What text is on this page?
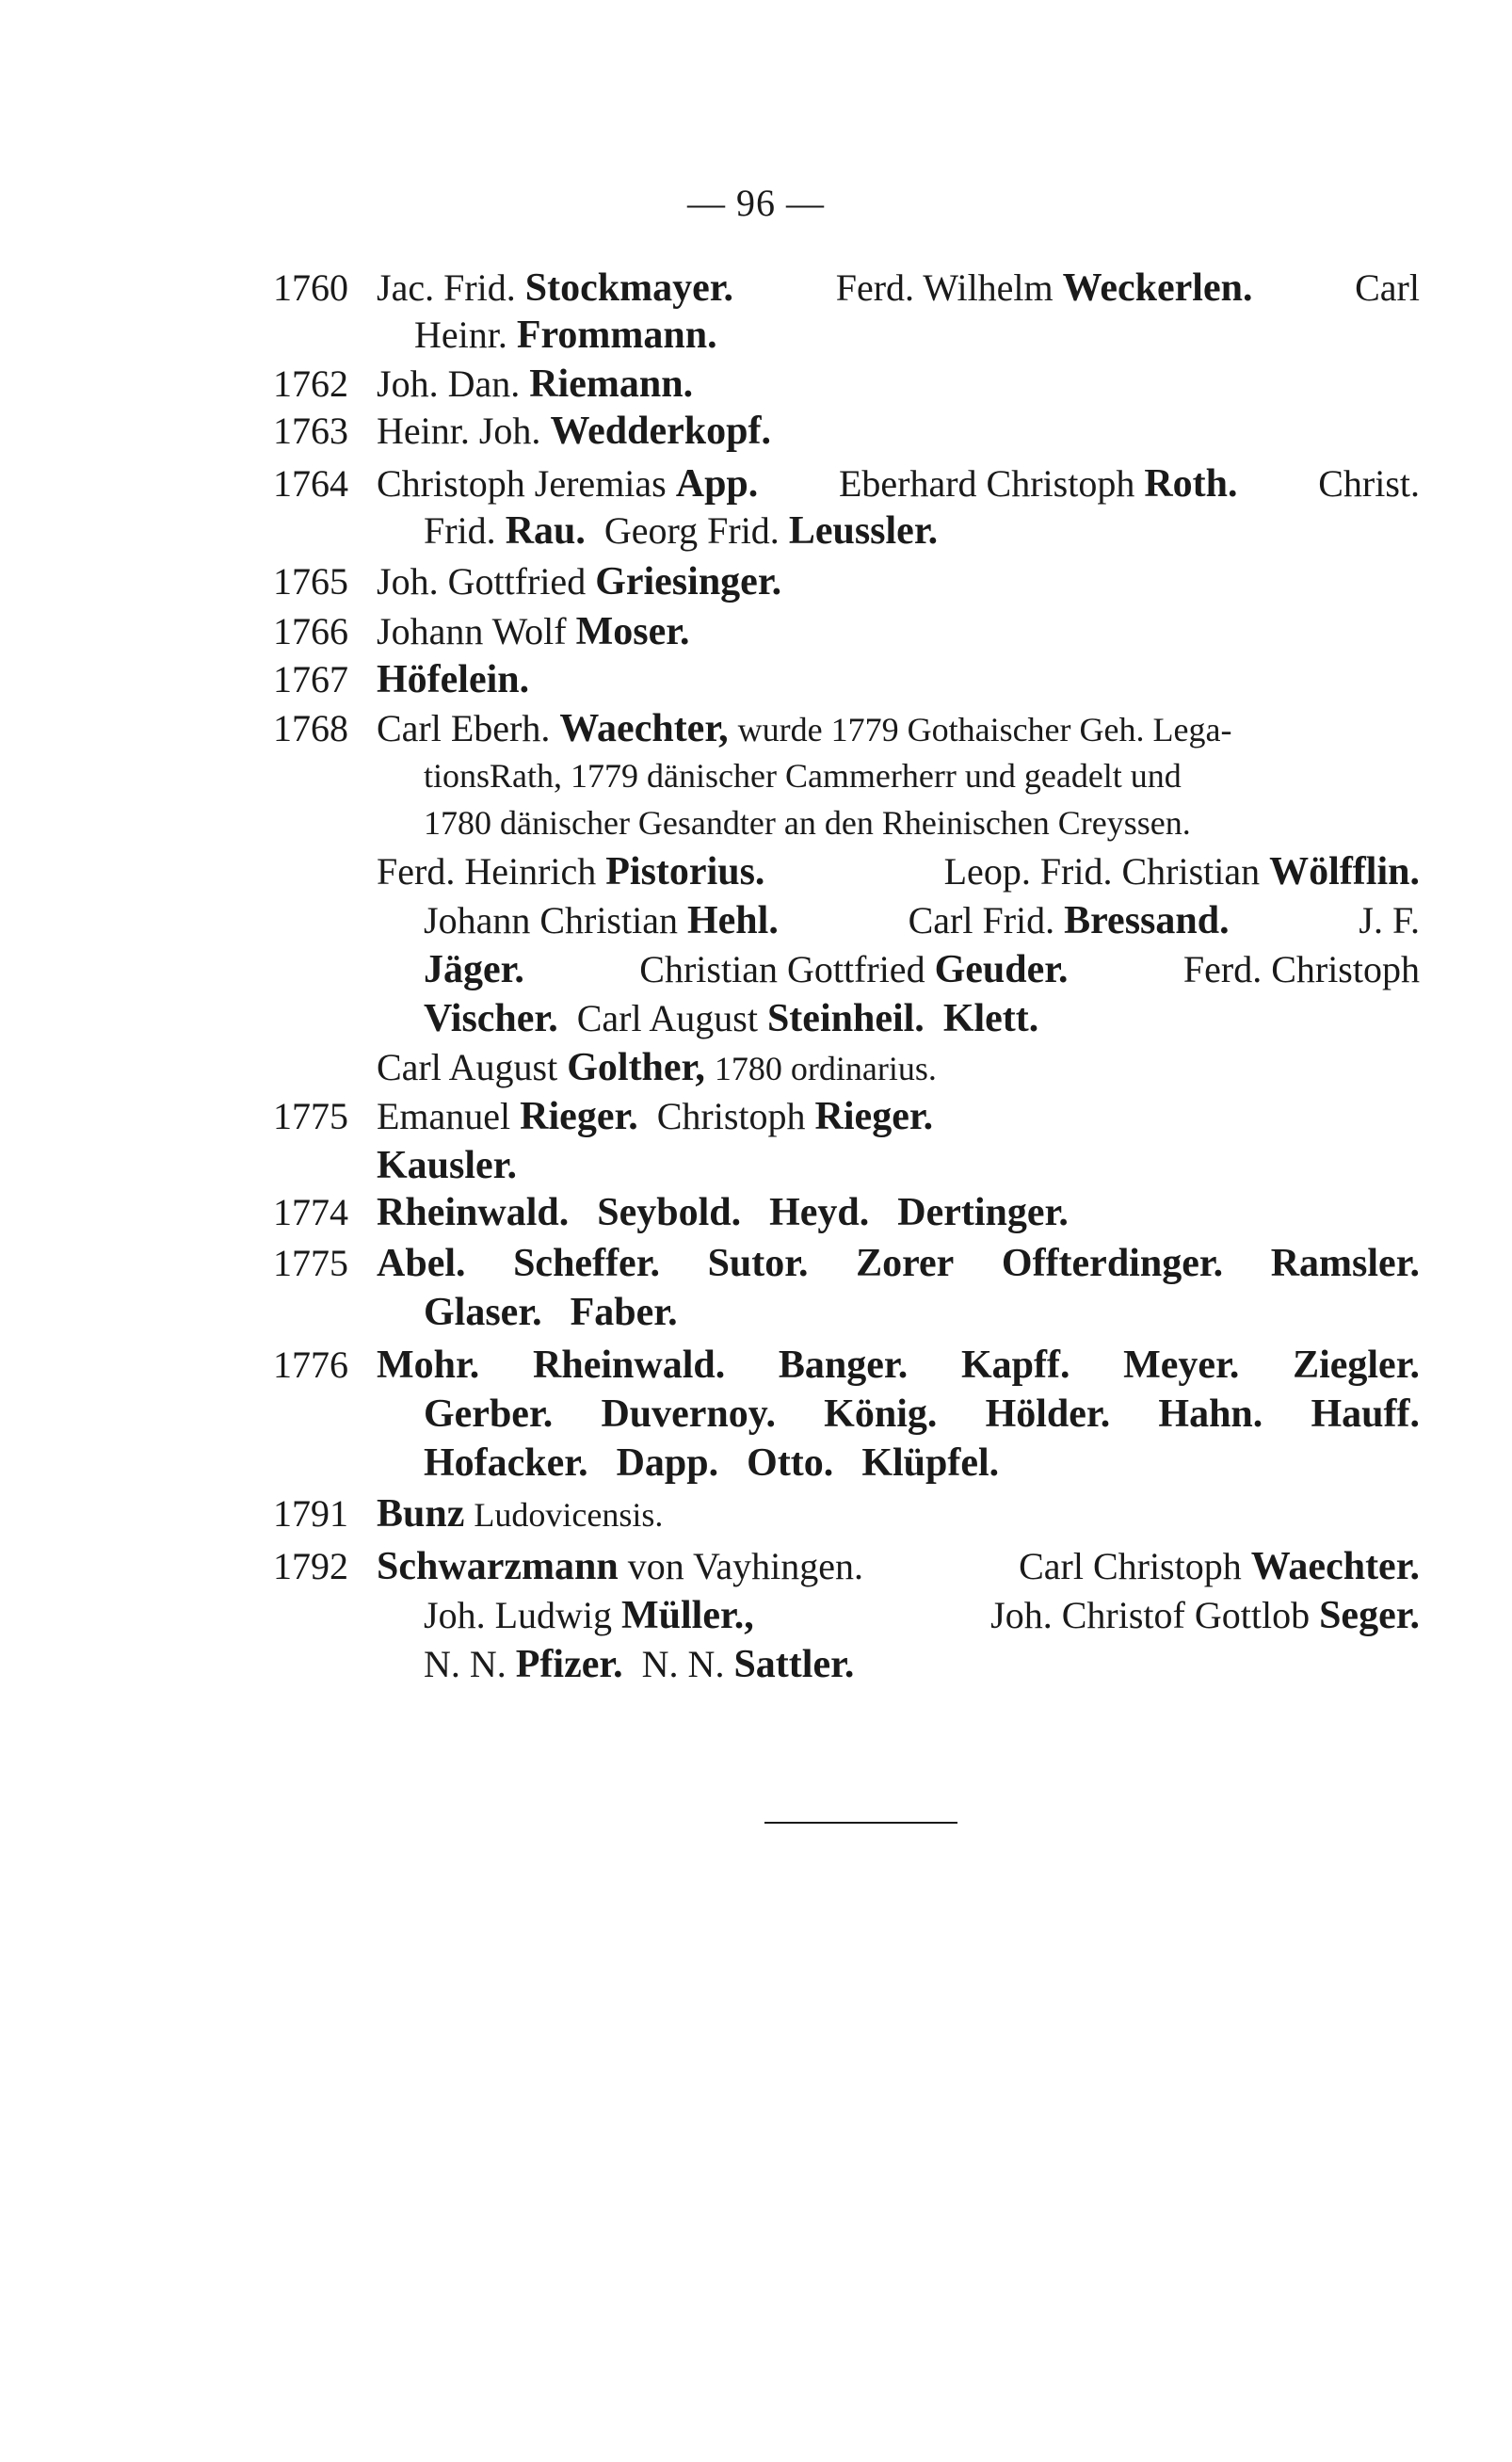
— 96 —
1760 Jac. Frid. Stockmayer.	Ferd. Wilhelm Weckerlen.	Carl
Heinr. Frommann.
1762 Joh. Dan. Riemann.
1763 Heinr. Joh. Wedderkopf.
1764 Christoph Jeremias App. Eberhard Christoph Roth. Christ.
Frid. Rau. Georg Frid. Leussler.
1765 Joh. Gottfried Griesinger.
1766 Johann Wolf Moser.
1767 Höfelein.
1768 Carl Eberh. Waechter, wurde 1779 Gothaischer Geh. Lega-
tionsRath, 1779 dänischer Cammerherr und geadelt und
1780 dänischer Gesandter an den Rheinischen Creyssen.
Ferd. Heinrich Pistorius.	Leop. Frid. Christian Wölfflin.
Johann Christian Hehl.	Carl Frid. Bressand.	J. F.
Jäger.	Christian Gottfried Geuder.	Ferd. Christoph
Vischer. Carl August Steinheil. Klett.
Carl August Golther, 1780 ordinarius.
1775 Emanuel Rieger. Christoph Rieger.
Kausler.
1774 Rheinwald. Seybold. Heyd. Dertinger.
1775 Abel. Scheffer. Sutor. Zorer Offterdinger. Ramsler.
Glaser. Faber.
1776 Mohr. Rheinwald. Banger. Kapff. Meyer. Ziegler.
Gerber. Duvernoy. König. Hölder. Hahn. Hauff.
Hofacker. Dapp. Otto. Klüpfel.
1791 Bunz Ludovicensis.
1792 Schwarzmann von Vayhingen.	Carl Christoph Waechter.
Joh. Ludwig Müller.,	Joh. Christof Gottlob Seger.
N. N. Pfizer. N. N. Sattler.
